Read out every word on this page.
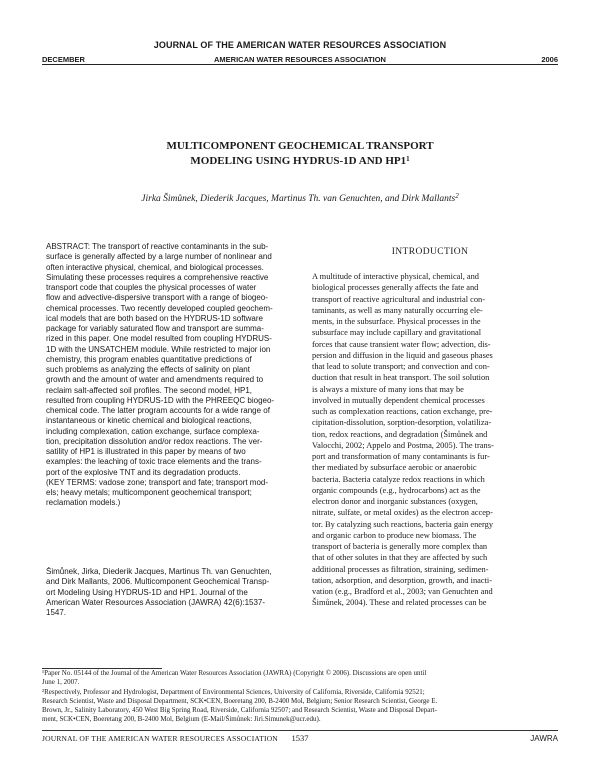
JOURNAL OF THE AMERICAN WATER RESOURCES ASSOCIATION
DECEMBER	AMERICAN WATER RESOURCES ASSOCIATION	2006
MULTICOMPONENT GEOCHEMICAL TRANSPORT
MODELING USING HYDRUS-1D AND $HP1^1$
Jirka Šimůnek, Diederik Jacques, Martinus Th. van Genuchten, and Dirk Mallants$^2$
ABSTRACT: The transport of reactive contaminants in the sub-
surface is generally affected by a large number of nonlinear and
often interactive physical, chemical, and biological processes.
Simulating these processes requires a comprehensive reactive
transport code that couples the physical processes of water
flow and advective-dispersive transport with a range of biogeo-
chemical processes. Two recently developed coupled geochem-
ical models that are both based on the HYDRUS-1D software
package for variably saturated flow and transport are summa-
rized in this paper. One model resulted from coupling HYDRUS-
1D with the UNSATCHEM module. While restricted to major ion
chemistry, this program enables quantitative predictions of
such problems as analyzing the effects of salinity on plant
growth and the amount of water and amendments required to
reclaim salt-affected soil profiles. The second model, HP1,
resulted from coupling HYDRUS-1D with the PHREEQC biogeo-
chemical code. The latter program accounts for a wide range of
instantaneous or kinetic chemical and biological reactions,
including complexation, cation exchange, surface complexa-
tion, precipitation dissolution and/or redox reactions. The ver-
satility of HP1 is illustrated in this paper by means of two
examples: the leaching of toxic trace elements and the trans-
port of the explosive TNT and its degradation products.
(KEY TERMS: vadose zone; transport and fate; transport mod-
els; heavy metals; multicomponent geochemical transport;
reclamation models.)
Šimůnek, Jirka, Diederik Jacques, Martinus Th. van Genuchten,
and Dirk Mallants, 2006. Multicomponent Geochemical Transp-
ort Modeling Using HYDRUS-1D and HP1. Journal of the
American Water Resources Association (JAWRA) 42(6):1537-
1547.
INTRODUCTION
A multitude of interactive physical, chemical, and
biological processes generally affects the fate and
transport of reactive agricultural and industrial con-
taminants, as well as many naturally occurring ele-
ments, in the subsurface. Physical processes in the
subsurface may include capillary and gravitational
forces that cause transient water flow; advection, dis-
persion and diffusion in the liquid and gaseous phases
that lead to solute transport; and convection and con-
duction that result in heat transport. The soil solution
is always a mixture of many ions that may be
involved in mutually dependent chemical processes
such as complexation reactions, cation exchange, pre-
cipitation-dissolution, sorption-desorption, volatiliza-
tion, redox reactions, and degradation (Šimůnek and
Valocchi, 2002; Appelo and Postma, 2005). The trans-
port and transformation of many contaminants is fur-
ther mediated by subsurface aerobic or anaerobic
bacteria. Bacteria catalyze redox reactions in which
organic compounds (e.g., hydrocarbons) act as the
electron donor and inorganic substances (oxygen,
nitrate, sulfate, or metal oxides) as the electron accep-
tor. By catalyzing such reactions, bacteria gain energy
and organic carbon to produce new biomass. The
transport of bacteria is generally more complex than
that of other solutes in that they are affected by such
additional processes as filtration, straining, sedimen-
tation, adsorption, and desorption, growth, and inacti-
vation (e.g., Bradford et al., 2003; van Genuchten and
Šimůnek, 2004). These and related processes can be
¹Paper No. 05144 of the Journal of the American Water Resources Association (JAWRA) (Copyright © 2006). Discussions are open until
June 1, 2007.
²Respectively, Professor and Hydrologist, Department of Environmental Sciences, University of California, Riverside, California 92521;
Research Scientist, Waste and Disposal Department, SCK•CEN, Boeretang 200, B-2400 Mol, Belgium; Senior Research Scientist, George E.
Brown, Jr., Salinity Laboratory, 450 West Big Spring Road, Riverside, California 92507; and Research Scientist, Waste and Disposal Depart-
ment, SCK•CEN, Boeretang 200, B-2400 Mol, Belgium (E-Mail/Šimůnek: Jiri.Simunek@ucr.edu).
JOURNAL OF THE AMERICAN WATER RESOURCES ASSOCIATION	1537	JAWRA
